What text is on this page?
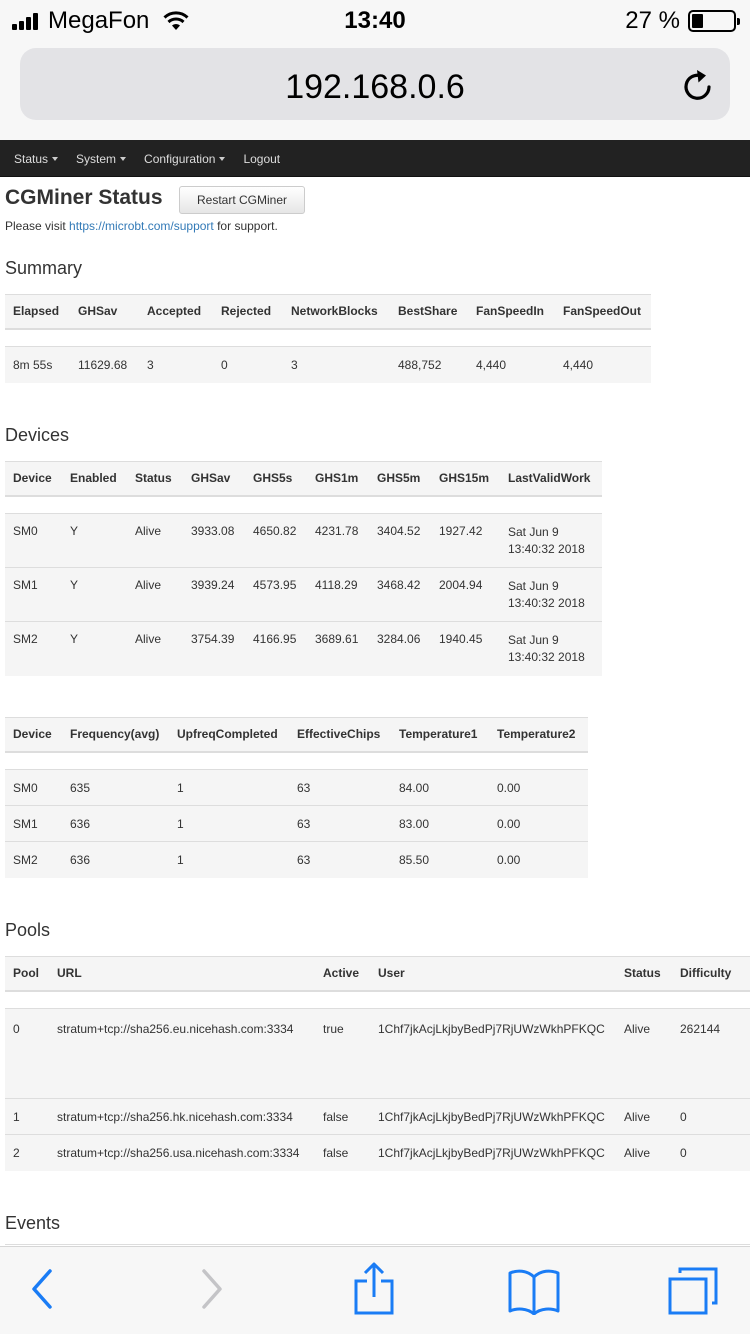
MegaFon	13:40	27 %
192.168.0.6
Status System Configuration Logout
CGMiner Status	Restart CGMiner
Please visit https://microbt.com/support for support.
Summary
Elapsed	GHSav	Accepted	Rejected	NetworkBlocks	BestShare	FanSpeedIn	FanSpeedOut

8m 55s	11629.68	3	0	3	488,752	4,440	4,440
Devices
Device	Enabled	Status	GHSav	GHS5s	GHS1m	GHS5m	GHS15m	LastValidWork

SM0	Y	Alive	3933.08	4650.82	4231.78	3404.52	1927.42	Sat Jun 9
13:40:32 2018

SM1	Y	Alive	3939.24	4573.95	4118.29	3468.42	2004.94	Sat Jun 9
13:40:32 2018

SM2	Y	Alive	3754.39	4166.95	3689.61	3284.06	1940.45	Sat Jun 9
13:40:32 2018
Device	Frequency(avg)	UpfreqCompleted	EffectiveChips	Temperature1	Temperature2

SM0	635	1	63	84.00	0.00
SM1	636	1	63	83.00	0.00
SM2	636	1	63	85.50	0.00
Pools
Pool	URL	Active	User	Status	Difficulty

0	stratum+tcp://sha256.eu.nicehash.com:3334	true	1Chf7jkAcjLkjbyBedPj7RjUWzWkhPFKQC	Alive	262144
1	stratum+tcp://sha256.hk.nicehash.com:3334	false	1Chf7jkAcjLkjbyBedPj7RjUWzWkhPFKQC	Alive	0
2	stratum+tcp://sha256.usa.nicehash.com:3334	false	1Chf7jkAcjLkjbyBedPj7RjUWzWkhPFKQC	Alive	0
Events
